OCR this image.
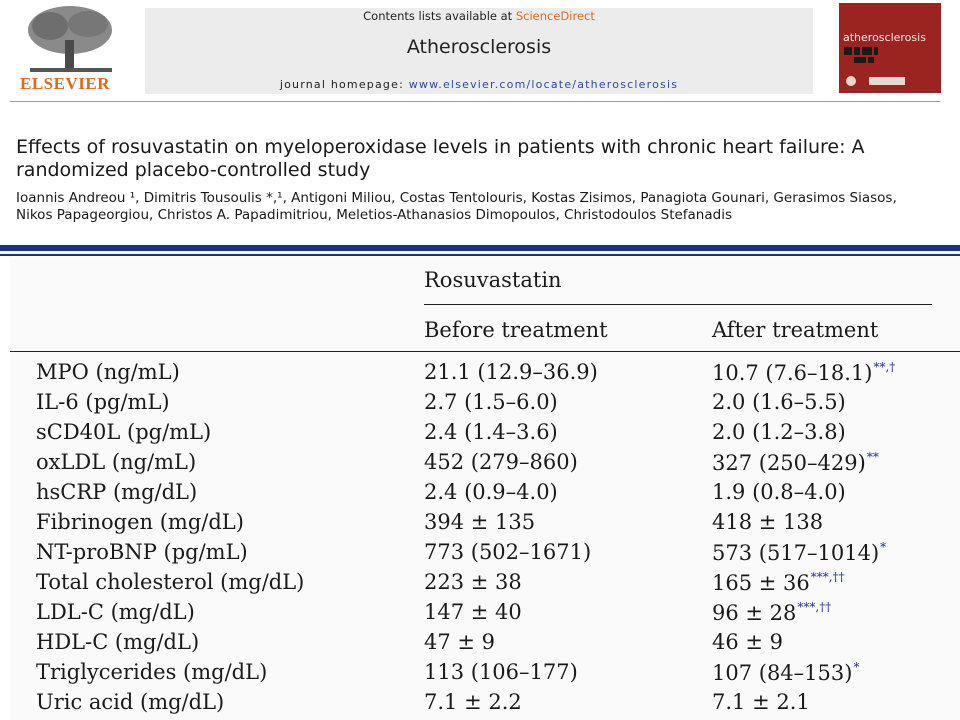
ELSEVIER
Contents lists available at ScienceDirect
Atherosclerosis
journal homepage: www.elsevier.com/locate/atherosclerosis
atherosclerosis
Effects of rosuvastatin on myeloperoxidase levels in patients with chronic heart failure: A randomized placebo-controlled study
Ioannis Andreou ¹, Dimitris Tousoulis *,¹, Antigoni Miliou, Costas Tentolouris, Kostas Zisimos, Panagiota Gounari, Gerasimos Siasos, Nikos Papageorgiou, Christos A. Papadimitriou, Meletios-Athanasios Dimopoulos, Christodoulos Stefanadis
Rosuvastatin
Before treatment	After treatment
MPO (ng/mL)	21.1 (12.9–36.9)	10.7 (7.6–18.1)**,†
IL-6 (pg/mL)	2.7 (1.5–6.0)	2.0 (1.6–5.5)
sCD40L (pg/mL)	2.4 (1.4–3.6)	2.0 (1.2–3.8)
oxLDL (ng/mL)	452 (279–860)	327 (250–429)**
hsCRP (mg/dL)	2.4 (0.9–4.0)	1.9 (0.8–4.0)
Fibrinogen (mg/dL)	394 ± 135	418 ± 138
NT-proBNP (pg/mL)	773 (502–1671)	573 (517–1014)*
Total cholesterol (mg/dL)	223 ± 38	165 ± 36***,††
LDL-C (mg/dL)	147 ± 40	96 ± 28***,††
HDL-C (mg/dL)	47 ± 9	46 ± 9
Triglycerides (mg/dL)	113 (106–177)	107 (84–153)*
Uric acid (mg/dL)	7.1 ± 2.2	7.1 ± 2.1
